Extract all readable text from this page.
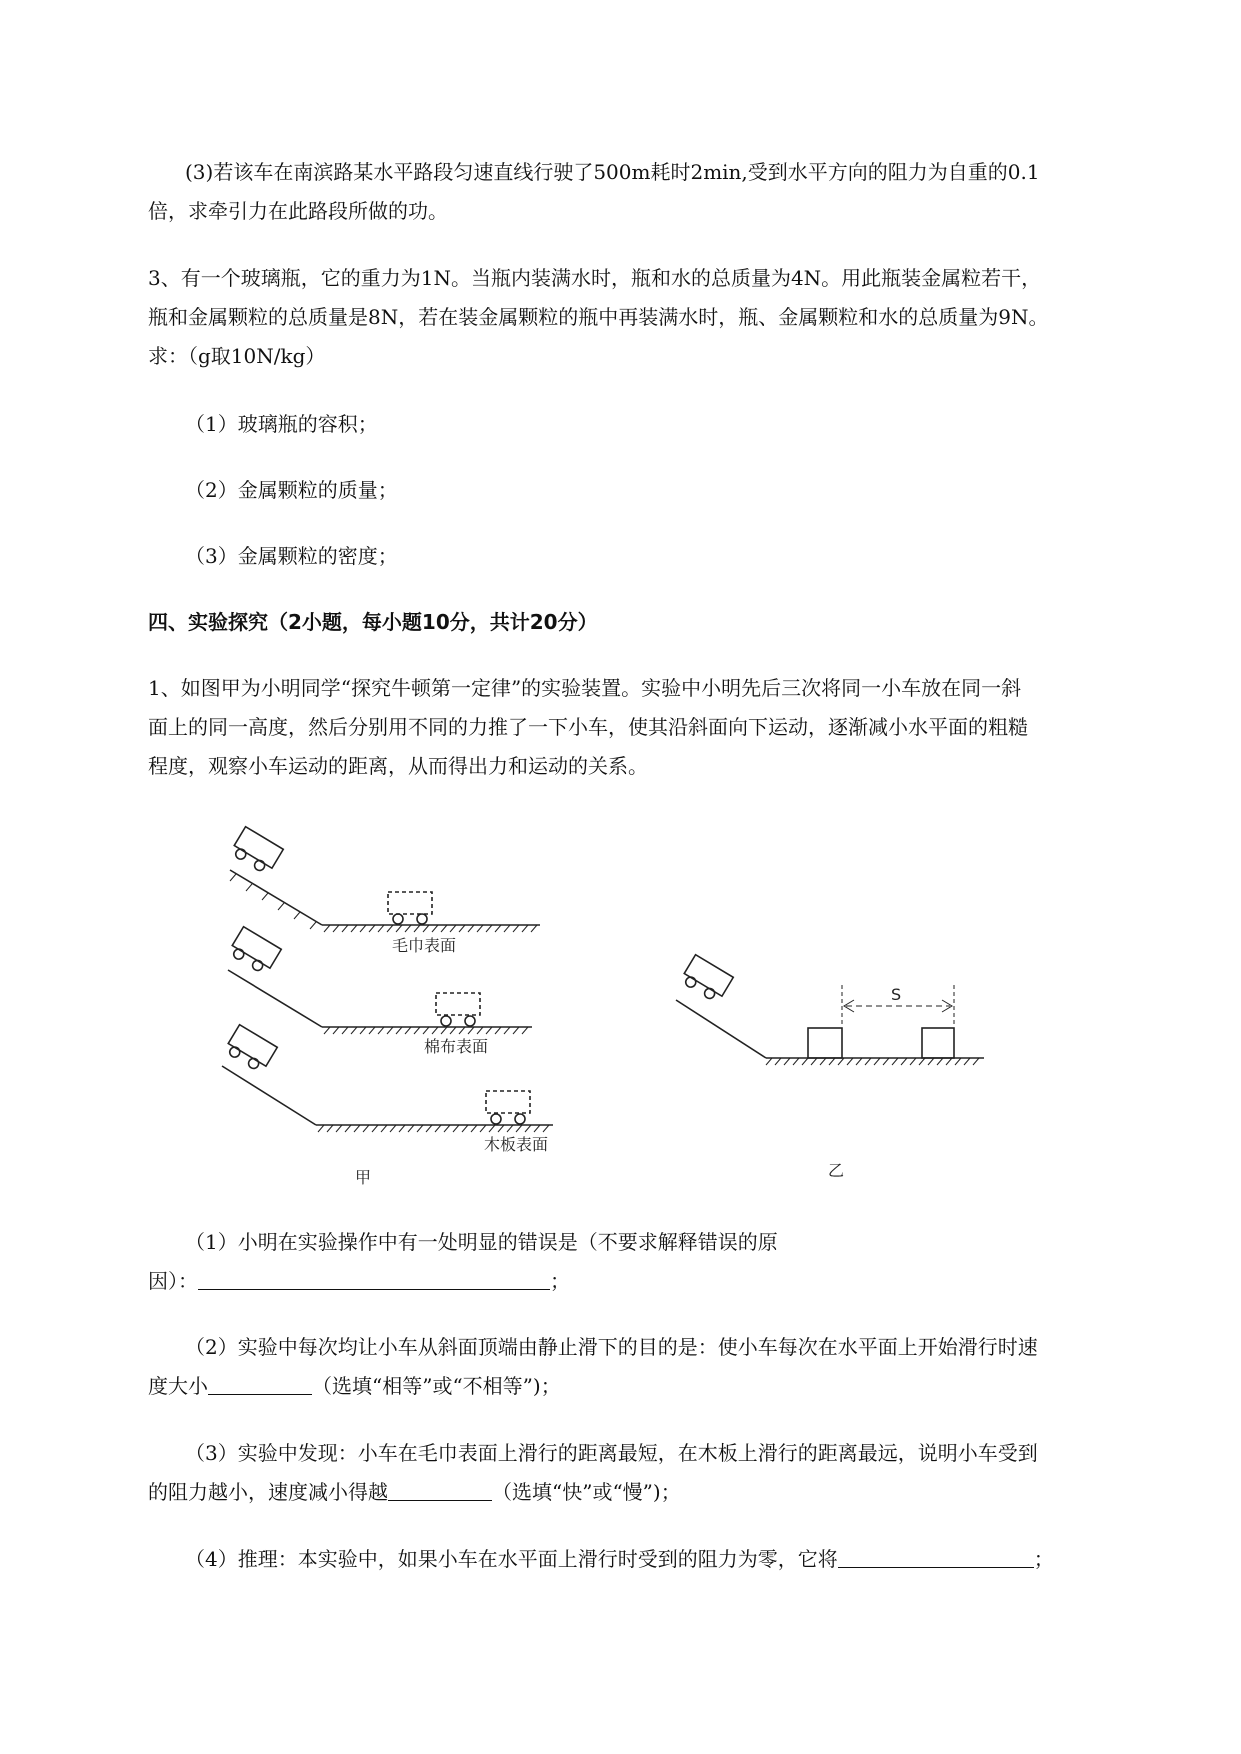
(3)若该车在南滨路某水平路段匀速直线行驶了500m耗时2min,受到水平方向的阻力为自重的0.1
倍，求牵引力在此路段所做的功。
3、有一个玻璃瓶，它的重力为1N。当瓶内装满水时，瓶和水的总质量为4N。用此瓶装金属粒若干，
瓶和金属颗粒的总质量是8N，若在装金属颗粒的瓶中再装满水时，瓶、金属颗粒和水的总质量为9N。
求：（g取10N/kg）
（1）玻璃瓶的容积；
（2）金属颗粒的质量；
（3）金属颗粒的密度；
四、实验探究（2小题，每小题10分，共计20分）
1、如图甲为小明同学“探究牛顿第一定律”的实验装置。实验中小明先后三次将同一小车放在同一斜
面上的同一高度，然后分别用不同的力推了一下小车，使其沿斜面向下运动，逐渐减小水平面的粗糙
程度，观察小车运动的距离，从而得出力和运动的关系。
毛巾表面
棉布表面
木板表面
甲	乙
S
（1）小明在实验操作中有一处明显的错误是（不要求解释错误的原
因）：	；
（2）实验中每次均让小车从斜面顶端由静止滑下的目的是：使小车每次在水平面上开始滑行时速
度大小	（选填“相等”或“不相等”)；
（3）实验中发现：小车在毛巾表面上滑行的距离最短，在木板上滑行的距离最远，说明小车受到
的阻力越小，速度减小得越	（选填“快”或“慢”)；
（4）推理：本实验中，如果小车在水平面上滑行时受到的阻力为零，它将	；
